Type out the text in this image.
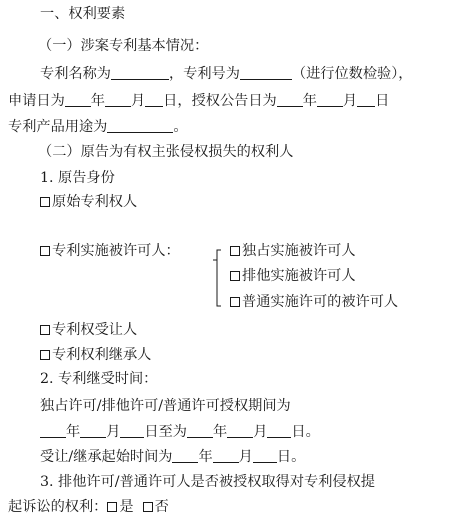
一、权利要素
（一）涉案专利基本情况：
专利名称为	，专利号为	（进行位数检验），
申请日为 年 月 日，授权公告日为 年 月 日
专利产品用途为	。
（二）原告为有权主张侵权损失的权利人
1. 原告身份
原始专利权人
专利实施被许可人：	独占实施被许可人
排他实施被许可人
普通实施许可的被许可人
专利权受让人
专利权利继承人
2. 专利继受时间：
独占许可/排他许可/普通许可授权期间为
年 月 日至为 年 月 日。
受让/继承起始时间为 年 月 日。
3. 排他许可/普通许可人是否被授权取得对专利侵权提
起诉讼的权利： 是 否
